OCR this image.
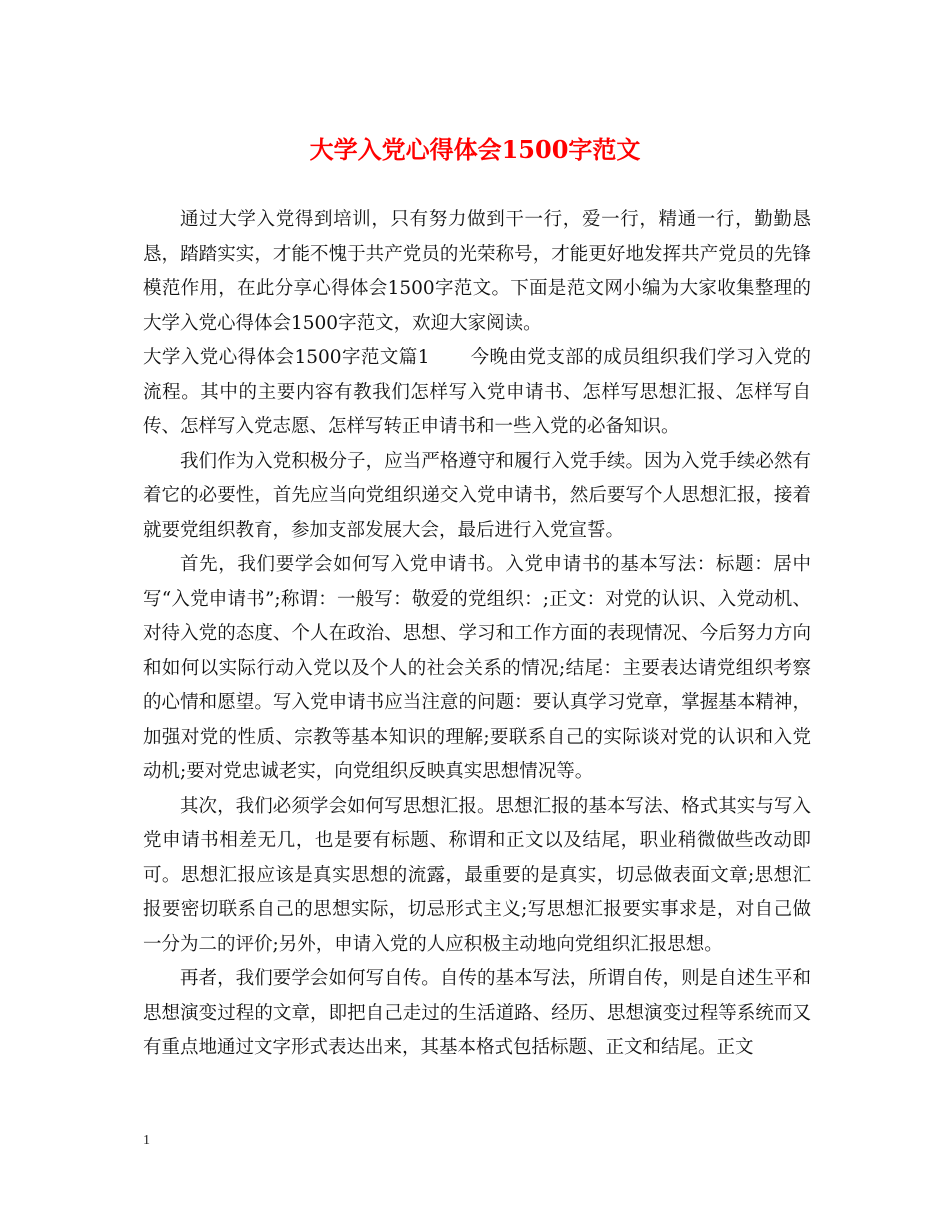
大学入党心得体会1500字范文

通过大学入党得到培训，只有努力做到干一行，爱一行，精通一行，勤勤恳恳，踏踏实实，才能不愧于共产党员的光荣称号，才能更好地发挥共产党员的先锋模范作用，在此分享心得体会1500字范文。下面是范文网小编为大家收集整理的大学入党心得体会1500字范文，欢迎大家阅读。

大学入党心得体会1500字范文篇1 今晚由党支部的成员组织我们学习入党的流程。其中的主要内容有教我们怎样写入党申请书、怎样写思想汇报、怎样写自传、怎样写入党志愿、怎样写转正申请书和一些入党的必备知识。

我们作为入党积极分子，应当严格遵守和履行入党手续。因为入党手续必然有着它的必要性，首先应当向党组织递交入党申请书，然后要写个人思想汇报，接着就要党组织教育，参加支部发展大会，最后进行入党宣誓。

首先，我们要学会如何写入党申请书。入党申请书的基本写法：标题：居中写“入党申请书”;称谓：一般写：敬爱的党组织：;正文：对党的认识、入党动机、对待入党的态度、个人在政治、思想、学习和工作方面的表现情况、今后努力方向和如何以实际行动入党以及个人的社会关系的情况;结尾：主要表达请党组织考察的心情和愿望。写入党申请书应当注意的问题：要认真学习党章，掌握基本精神，加强对党的性质、宗教等基本知识的理解;要联系自己的实际谈对党的认识和入党动机;要对党忠诚老实，向党组织反映真实思想情况等。

其次，我们必须学会如何写思想汇报。思想汇报的基本写法、格式其实与写入党申请书相差无几，也是要有标题、称谓和正文以及结尾，职业稍微做些改动即可。思想汇报应该是真实思想的流露，最重要的是真实，切忌做表面文章;思想汇报要密切联系自己的思想实际，切忌形式主义;写思想汇报要实事求是，对自己做一分为二的评价;另外，申请入党的人应积极主动地向党组织汇报思想。

再者，我们要学会如何写自传。自传的基本写法，所谓自传，则是自述生平和思想演变过程的文章，即把自己走过的生活道路、经历、思想演变过程等系统而又有重点地通过文字形式表达出来，其基本格式包括标题、正文和结尾。正文

1
